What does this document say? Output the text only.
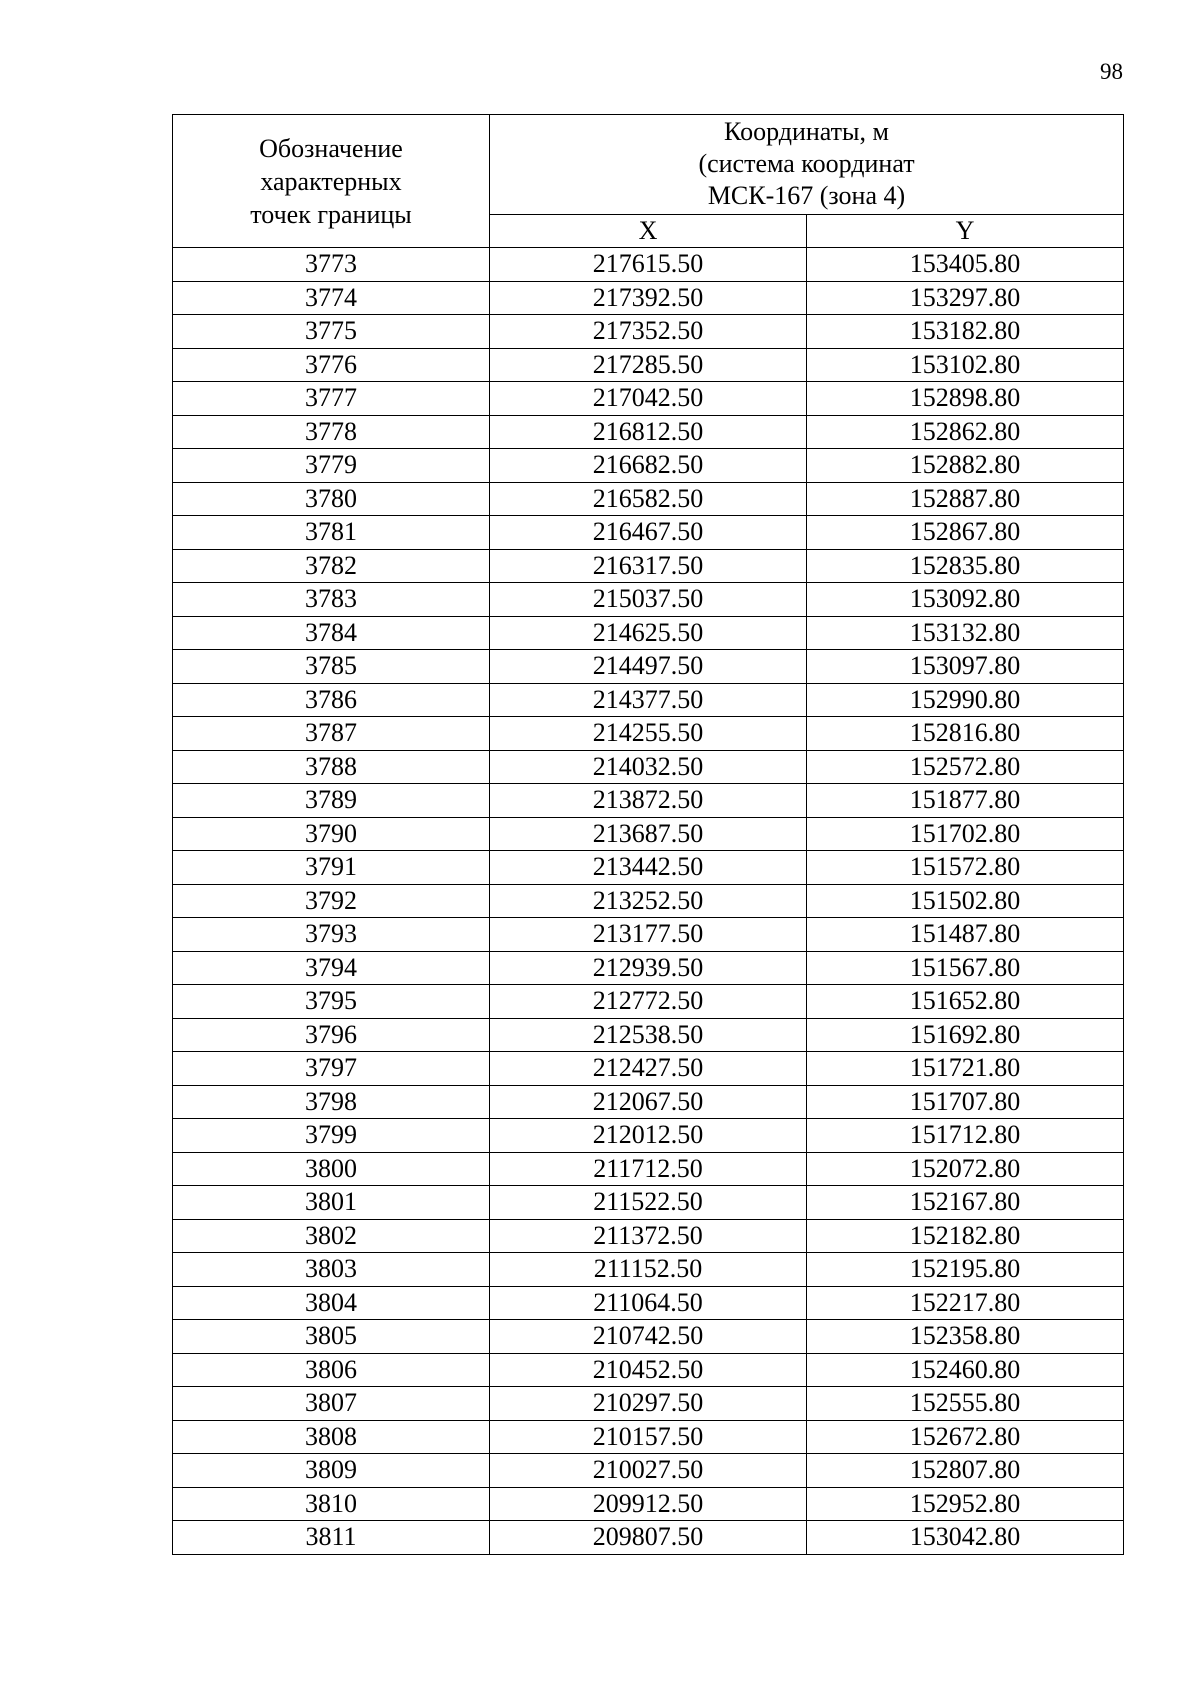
98
Обозначение
характерных
точек границы	Координаты, м
(система координат
МСК-167 (зона 4)	

	X	Y
3773	217615.50	153405.80
3774	217392.50	153297.80
3775	217352.50	153182.80
3776	217285.50	153102.80
3777	217042.50	152898.80
3778	216812.50	152862.80
3779	216682.50	152882.80
3780	216582.50	152887.80
3781	216467.50	152867.80
3782	216317.50	152835.80
3783	215037.50	153092.80
3784	214625.50	153132.80
3785	214497.50	153097.80
3786	214377.50	152990.80
3787	214255.50	152816.80
3788	214032.50	152572.80
3789	213872.50	151877.80
3790	213687.50	151702.80
3791	213442.50	151572.80
3792	213252.50	151502.80
3793	213177.50	151487.80
3794	212939.50	151567.80
3795	212772.50	151652.80
3796	212538.50	151692.80
3797	212427.50	151721.80
3798	212067.50	151707.80
3799	212012.50	151712.80
3800	211712.50	152072.80
3801	211522.50	152167.80
3802	211372.50	152182.80
3803	211152.50	152195.80
3804	211064.50	152217.80
3805	210742.50	152358.80
3806	210452.50	152460.80
3807	210297.50	152555.80
3808	210157.50	152672.80
3809	210027.50	152807.80
3810	209912.50	152952.80
3811	209807.50	153042.80
